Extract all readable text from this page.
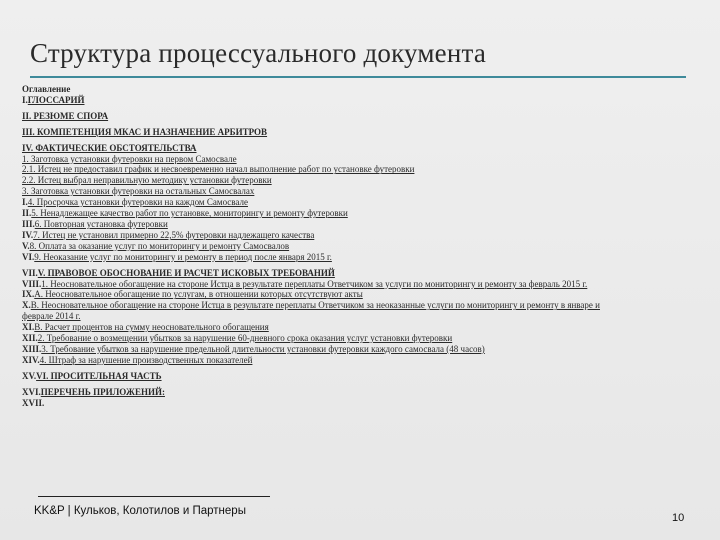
Структура процессуального документа
Оглавление
I.ГЛОССАРИЙ
II. РЕЗЮМЕ СПОРА
III. КОМПЕТЕНЦИЯ МКАС И НАЗНАЧЕНИЕ АРБИТРОВ
IV. ФАКТИЧЕСКИЕ ОБСТОЯТЕЛЬСТВА
1. Заготовка установки футеровки на первом Самосвале
2.1. Истец не предоставил график и несвоевременно начал выполнение работ по установке футеровки
2.2. Истец выбрал неправильную методику установки футеровки
3. Заготовка установки футеровки на остальных Самосвалах
I.4. Просрочка установки футеровки на каждом Самосвале
II.5. Ненадлежащее качество работ по установке, мониторингу и ремонту футеровки
III.6. Повторная установка футеровки
IV.7. Истец не установил примерно 22,5% футеровки надлежащего качества
V.8. Оплата за оказание услуг по мониторингу и ремонту Самосвалов
VI.9. Неоказание услуг по мониторингу и ремонту в период после января 2015 г.
VII.V. ПРАВОВОЕ ОБОСНОВАНИЕ И РАСЧЕТ ИСКОВЫХ ТРЕБОВАНИЙ
VIII.1. Неосновательное обогащение на стороне Истца в результате переплаты Ответчиком за услуги по мониторингу и ремонту за февраль 2015 г.
IX.А. Неосновательное обогащение по услугам, в отношении которых отсутствуют акты
X.B. Неосновательное обогащение на стороне Истца в результате переплаты Ответчиком за неоказанные услуги по мониторингу и ремонту в январе и феврале 2014 г.
XI.B. Расчет процентов на сумму неосновательного обогащения
XII.2. Требование о возмещении убытков за нарушение 60-дневного срока оказания услуг установки футеровки
XIII.3. Требование убытков за нарушение предельной длительности установки футеровки каждого самосвала (48 часов)
XIV.4. Штраф за нарушение производственных показателей
XV.VI. ПРОСИТЕЛЬНАЯ ЧАСТЬ
XVI.ПЕРЕЧЕНЬ ПРИЛОЖЕНИЙ:
XVII.
KK&P | Кульков, Колотилов и Партнеры
10
